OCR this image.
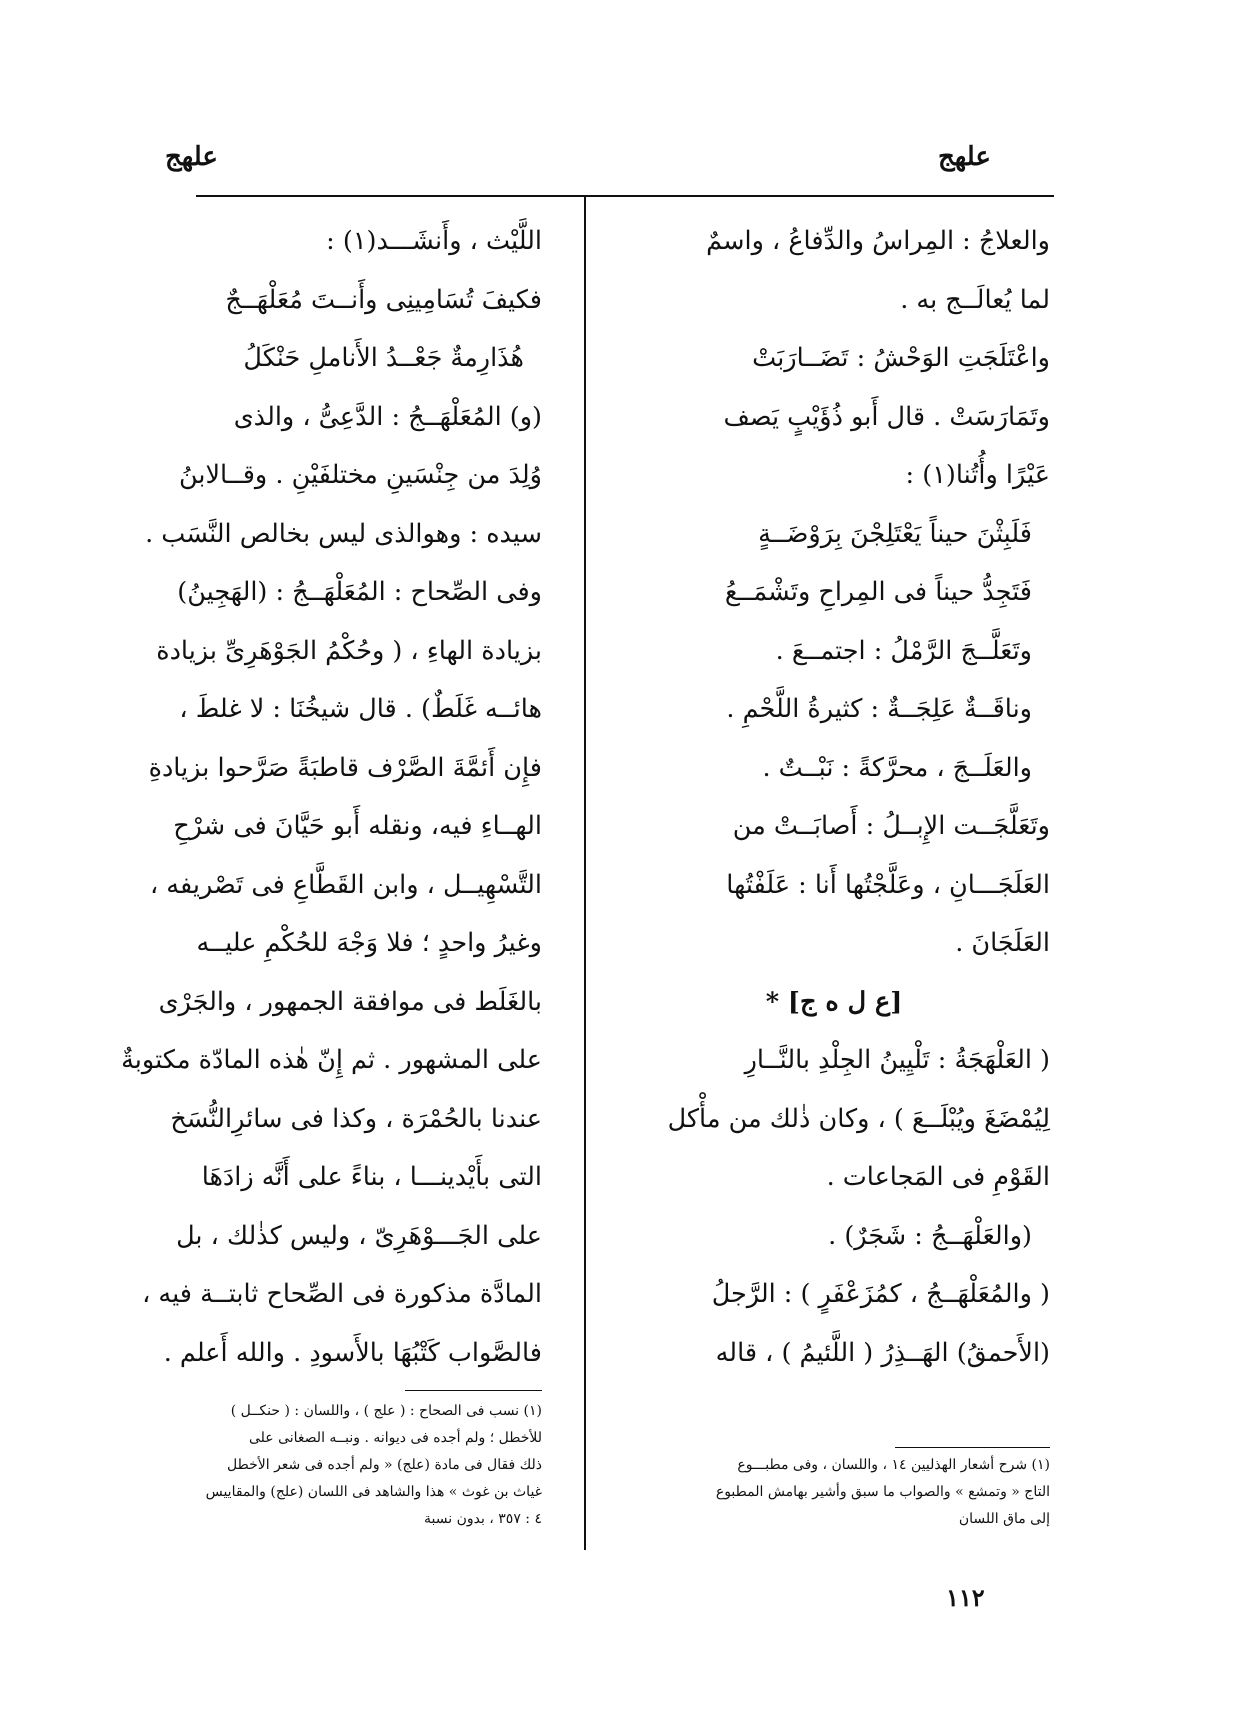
علهج
علهج
والعلاجُ : المِراسُ والدِّفاعُ ، واسمٌ
لما يُعالَــج به .
واعْتَلَجَتِ الوَحْشُ : تَضَــارَبَتْ
وتَمَارَسَتْ . قال أَبو ذُؤَيْبٍ يَصف
عَيْرًا وأُتُنا(١) :
فَلَبِثْنَ حيناً يَعْتَلِجْنَ بِرَوْضَــةٍ
فَتَجِدُّ حيناً فى المِراحِ وتَشْمَــعُ
وتَعَلَّــجَ الرَّمْلُ : اجتمــعَ .
وناقَــةٌ عَلِجَــةٌ : كثيرةُ اللَّحْمِ .
والعَلَــجَ ، محرَّكةً : نَبْــتٌ .
وتَعَلَّجَــت الإِبــلُ : أَصابَــتْ من
العَلَجَـــانِ ، وعَلَّجْتُها أَنا : عَلَفْتُها
العَلَجَانَ .
[ع ل ه ج] *
( العَلْهَجَةُ : تَلْيِينُ الجِلْدِ بالنَّــارِ
لِيُمْضَغَ ويُبْلَــعَ ) ، وكان ذٰلك من مأْكل
القَوْمِ فى المَجاعات .
(والعَلْهَــجُ : شَجَرٌ) .
( والمُعَلْهَــجُ ، كمُزَعْفَرٍ ) : الرَّجلُ
(الأَحمقُ) الهَــذِرُ ( اللَّئيمُ ) ، قاله
اللَّيْث ، وأَنشَـــد(١) :
فكيفَ تُسَامِينِى وأَنــتَ مُعَلْهَــجٌ
هُذَارِمةٌ جَعْــدُ الأَناملِ حَنْكَلُ
(و) المُعَلْهَــجُ : الدَّعِىُّ ، والذى
وُلِدَ من جِنْسَينِ مختلفَيْنِ . وقــالابنُ
سيده : وهوالذى ليس بخالص النَّسَب .
وفى الصِّحاح : المُعَلْهَــجُ : (الهَجِينُ)
بزيادة الهاءِ ، ( وحُكْمُ الجَوْهَرِىِّ بزيادة
هائــه غَلَطٌ) . قال شيخُنَا : لا غلطَ ،
فإِن أَئمَّةَ الصَّرْف قاطبَةً صَرَّحوا بزيادةِ
الهــاءِ فيه، ونقله أَبو حَيَّانَ فى شرْحِ
التَّسْهِيــل ، وابن القَطَّاعِ فى تَصْريفه ،
وغيرُ واحدٍ ؛ فلا وَجْهَ للحُكْمِ عليــه
بالغَلَط فى موافقة الجمهور ، والجَرْى
على المشهور . ثم إِنّ هٰذه المادّة مكتوبةٌ
عندنا بالحُمْرَة ، وكذا فى سائرِالنُّسَخ
التى بأَيْدينـــا ، بناءً على أَنَّه زادَهَا
على الجَـــوْهَرِىّ ، وليس كذٰلك ، بل
المادَّة مذكورة فى الصِّحاح ثابتــة فيه ،
فالصَّواب كَتْبُهَا بالأَسودِ . والله أَعلم .
(١) شرح أشعار الهذليين ١٤ ، واللسان ، وفى مطبـــوع
التاج « وتمشع » والصواب ما سبق وأشير بهامش المطبوع
إلى ماق اللسان
(١) نسب فى الصحاح : ( علج ) ، واللسان : ( حنكــل )
للأخطل ؛ ولم أجده فى ديوانه . ونبــه الصغانى على
ذلك فقال فى مادة (علج) « ولم أجده فى شعر الأخطل
غياث بن غوث » هذا والشاهد فى اللسان (علج) والمقاييس
٤ : ٣٥٧ ، بدون نسبة
١١٢
